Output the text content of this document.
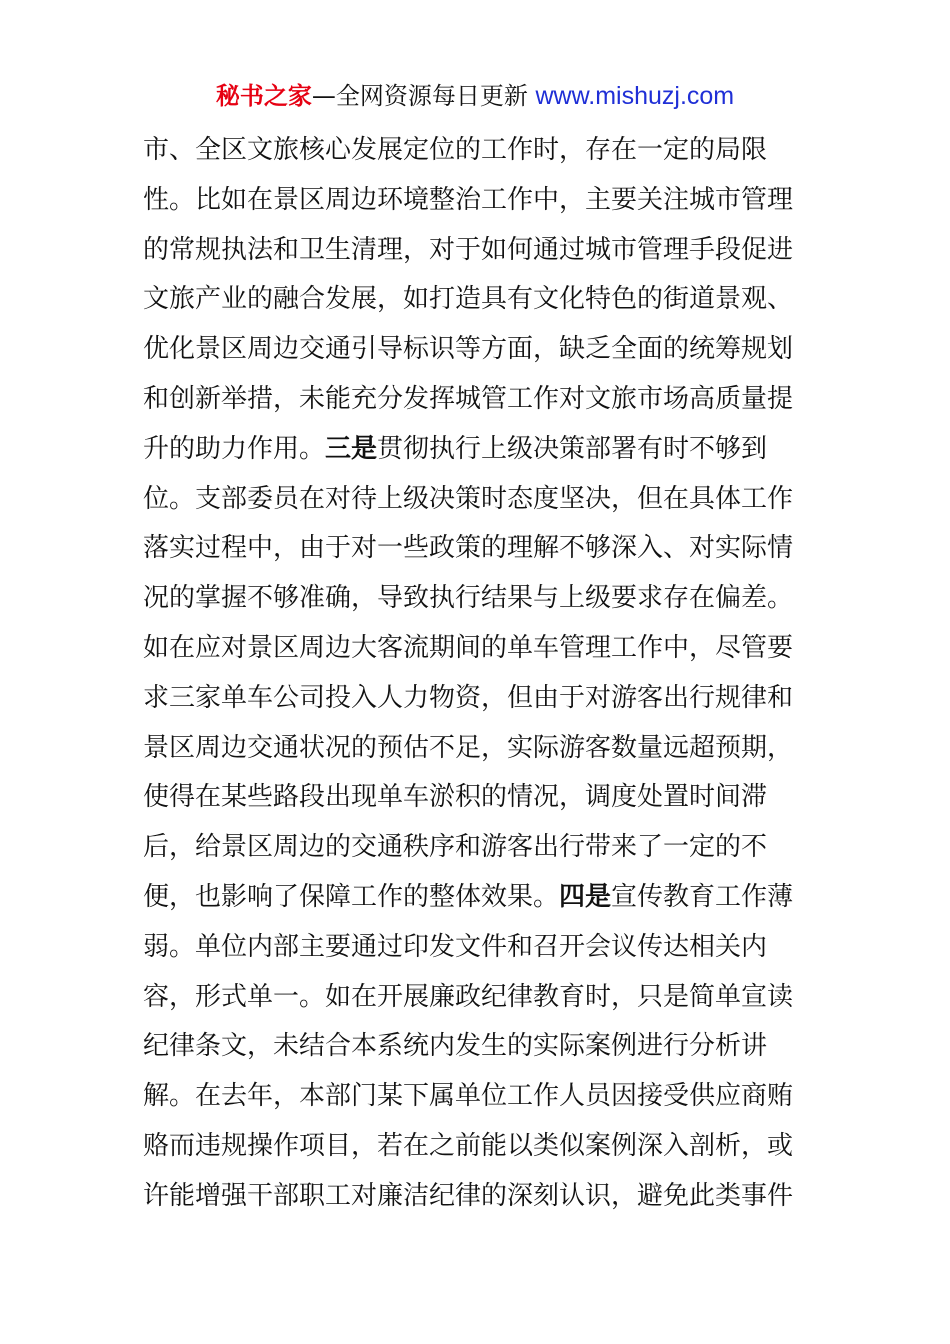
秘书之家—全网资源每日更新 www.mishuzj.com
市、全区文旅核心发展定位的工作时，存在一定的局限
性。比如在景区周边环境整治工作中，主要关注城市管理
的常规执法和卫生清理，对于如何通过城市管理手段促进
文旅产业的融合发展，如打造具有文化特色的街道景观、
优化景区周边交通引导标识等方面，缺乏全面的统筹规划
和创新举措，未能充分发挥城管工作对文旅市场高质量提
升的助力作用。三是贯彻执行上级决策部署有时不够到
位。支部委员在对待上级决策时态度坚决，但在具体工作
落实过程中，由于对一些政策的理解不够深入、对实际情
况的掌握不够准确，导致执行结果与上级要求存在偏差。
如在应对景区周边大客流期间的单车管理工作中，尽管要
求三家单车公司投入人力物资，但由于对游客出行规律和
景区周边交通状况的预估不足，实际游客数量远超预期，
使得在某些路段出现单车淤积的情况，调度处置时间滞
后，给景区周边的交通秩序和游客出行带来了一定的不
便，也影响了保障工作的整体效果。四是宣传教育工作薄
弱。单位内部主要通过印发文件和召开会议传达相关内
容，形式单一。如在开展廉政纪律教育时，只是简单宣读
纪律条文，未结合本系统内发生的实际案例进行分析讲
解。在去年，本部门某下属单位工作人员因接受供应商贿
赂而违规操作项目，若在之前能以类似案例深入剖析，或
许能增强干部职工对廉洁纪律的深刻认识，避免此类事件
